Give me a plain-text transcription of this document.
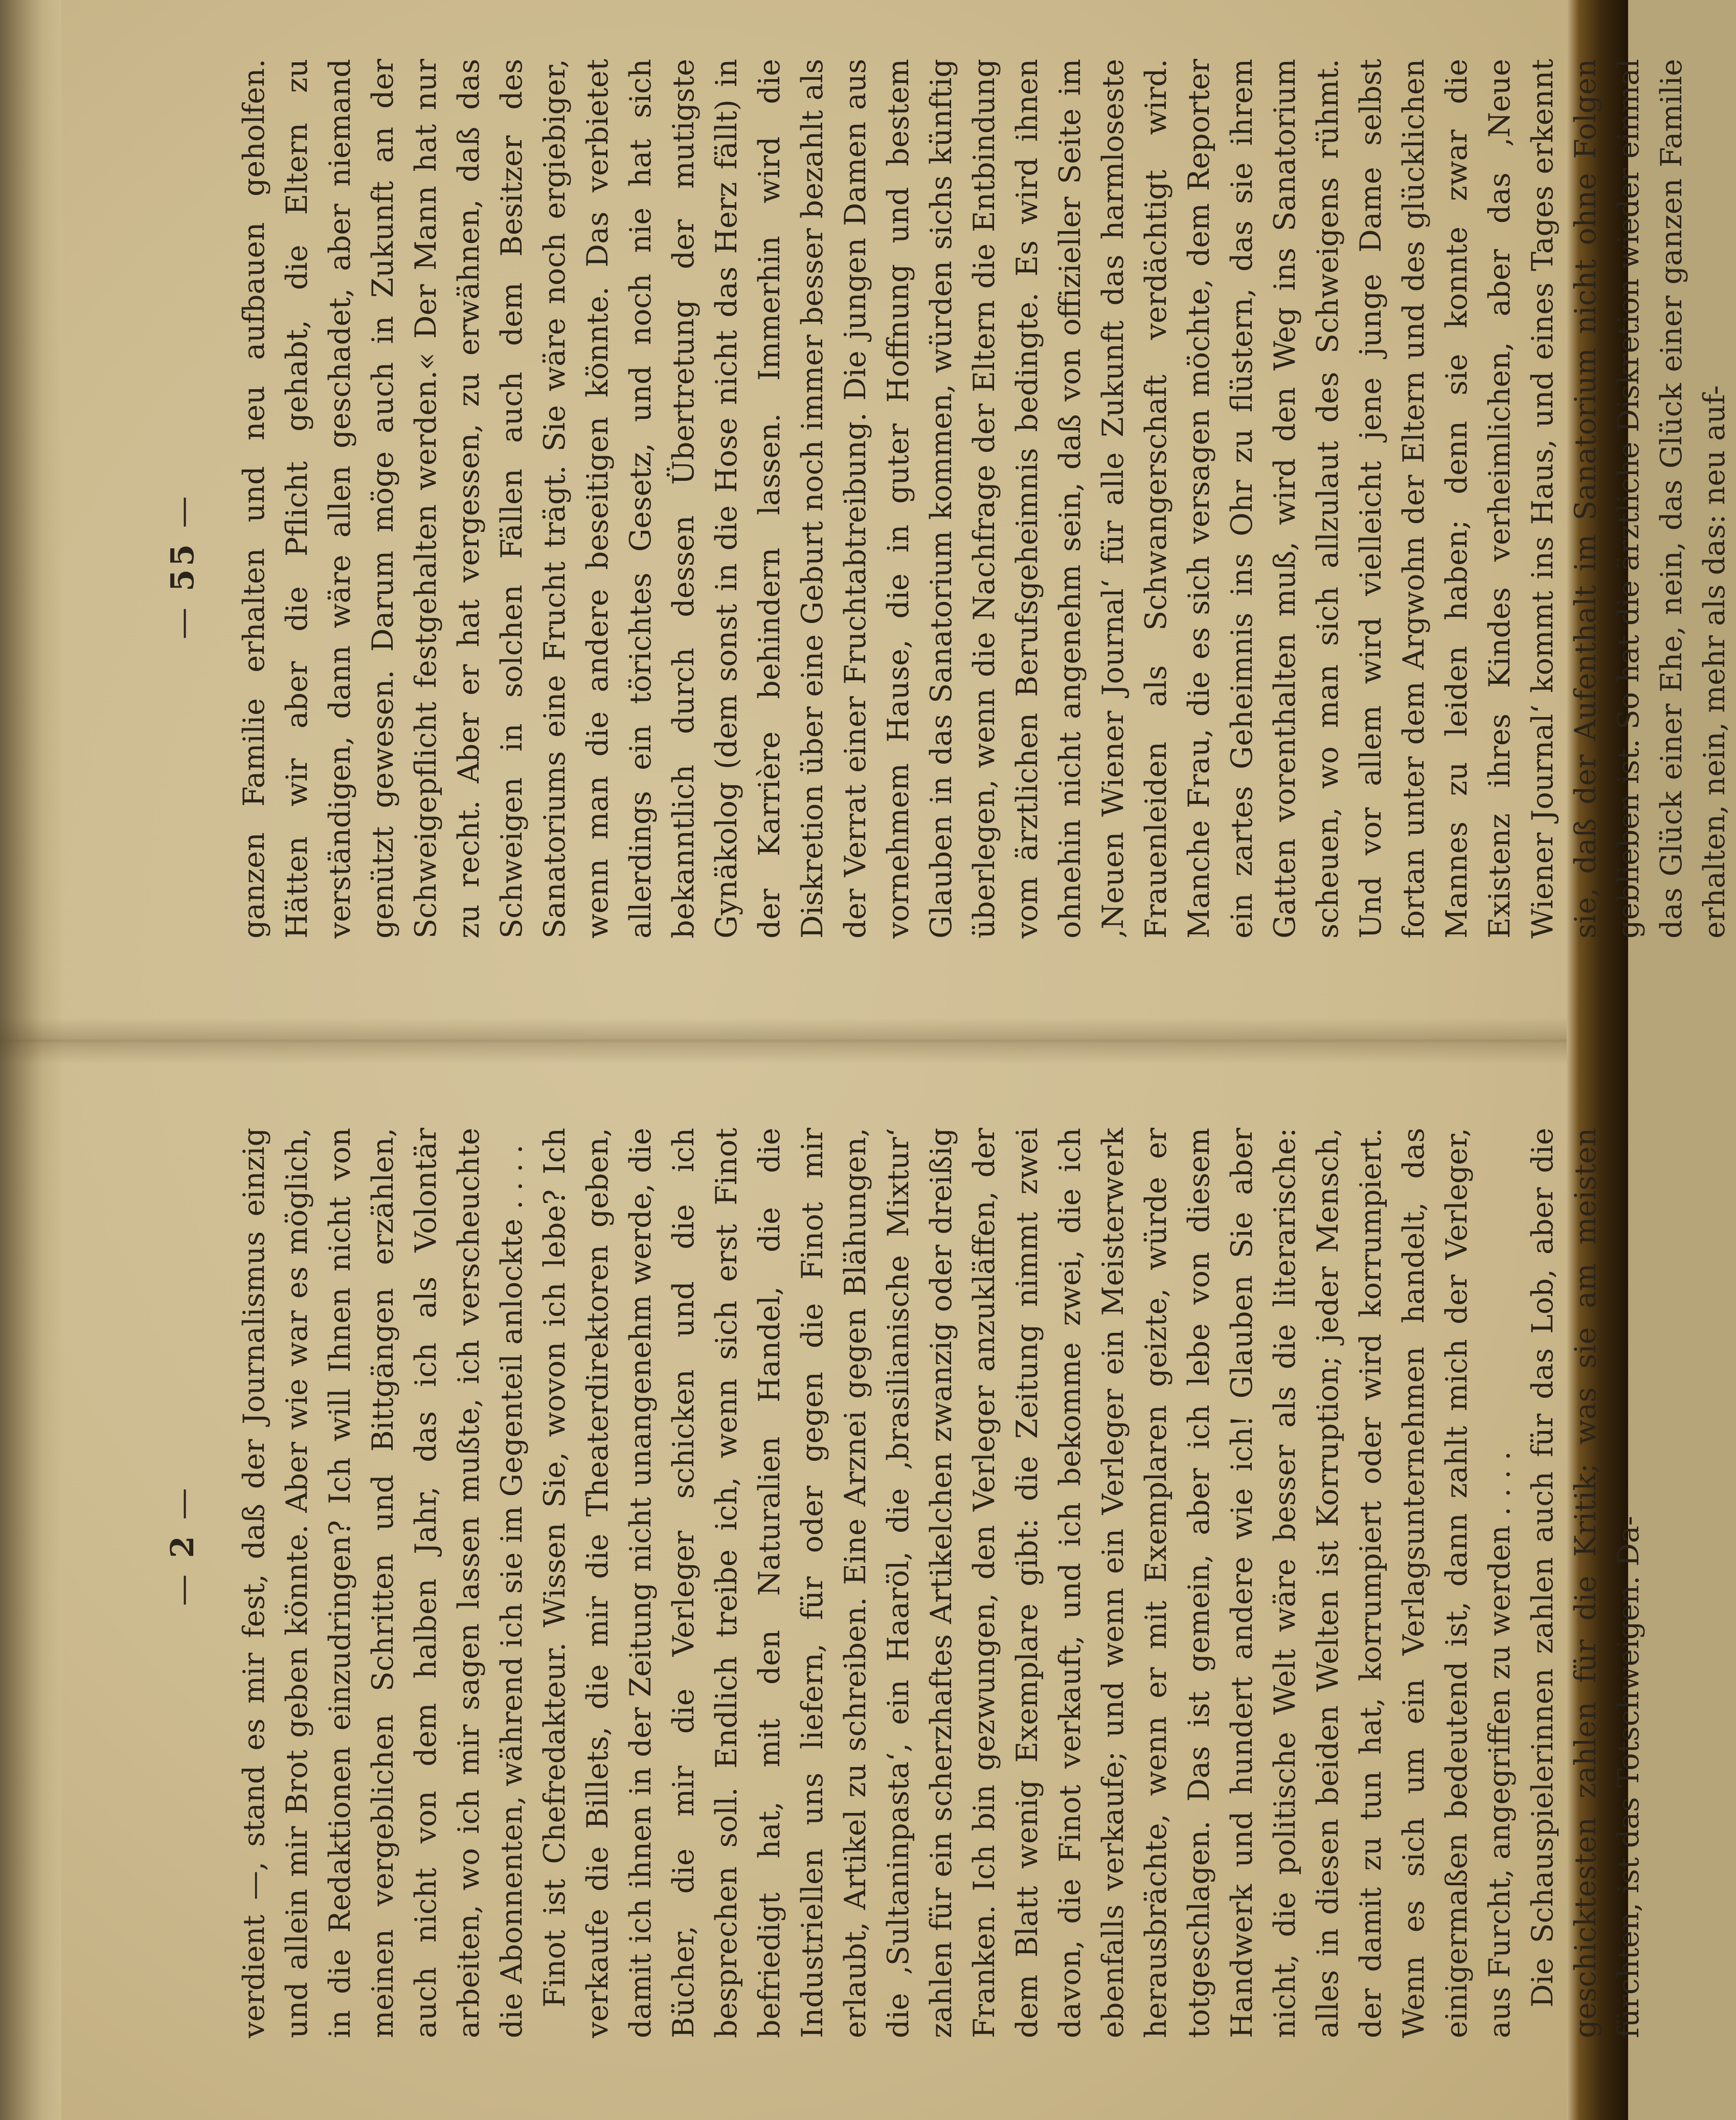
— 2 — verdient —, stand es mir fest, daß der Journalismus einzig und allein mir Brot geben könnte. Aber wie war es möglich, in die Redaktionen einzudringen? Ich will Ihnen nicht von meinen vergeblichen Schritten und Bittgängen erzählen, auch nicht von dem halben Jahr, das ich als Volontär arbeiten, wo ich mir sagen lassen mußte, ich verscheuchte die Abonnenten, während ich sie im Gegenteil anlockte . . . . Finot ist Chefredakteur. Wissen Sie, wovon ich lebe? Ich verkaufe die Billets, die mir die Theaterdirektoren geben, damit ich ihnen in der Zeitung nicht unangenehm werde, die Bücher, die mir die Verleger schicken und die ich besprechen soll. Endlich treibe ich, wenn sich erst Finot befriedigt hat, mit den Naturalien Handel, die die Industriellen uns liefern, für oder gegen die Finot mir erlaubt, Artikel zu schreiben. Eine Arznei gegen Blähungen, die ‚Sultaninpasta‘, ein Haaröl, die ‚brasilianische Mixtur‘ zahlen für ein scherzhaftes Artikelchen zwanzig oder dreißig Franken. Ich bin gezwungen, den Verleger anzukläffen, der dem Blatt wenig Exemplare gibt: die Zeitung nimmt zwei davon, die Finot verkauft, und ich bekomme zwei, die ich ebenfalls verkaufe; und wenn ein Verleger ein Meisterwerk herausbrächte, wenn er mit Exemplaren geizte, würde er totgeschlagen. Das ist gemein, aber ich lebe von diesem Handwerk und hundert andere wie ich! Glauben Sie aber nicht, die politische Welt wäre besser als die literarische: alles in diesen beiden Welten ist Korruption; jeder Mensch, der damit zu tun hat, korrumpiert oder wird korrumpiert. Wenn es sich um ein Verlagsunternehmen handelt, das einigermaßen bedeutend ist, dann zahlt mich der Verleger, aus Furcht, angegriffen zu werden . . . . Die Schauspielerinnen zahlen auch für das Lob, aber die geschicktesten zahlen für die Kritik; was sie am meisten fürchten, ist das Totschweigen. Da-

— 55 — ganzen Familie erhalten und neu aufbauen geholfen. Hätten wir aber die Pflicht gehabt, die Eltern zu verständigen, dann wäre allen geschadet, aber niemand genützt gewesen. Darum möge auch in Zukunft an der Schweigepflicht festgehalten werden.« Der Mann hat nur zu recht. Aber er hat vergessen, zu erwähnen, daß das Schweigen in solchen Fällen auch dem Besitzer des Sanatoriums eine Frucht trägt. Sie wäre noch ergiebiger, wenn man die andere beseitigen könnte. Das verbietet allerdings ein törichtes Gesetz, und noch nie hat sich bekanntlich durch dessen Übertretung der mutigste Gynäkolog (dem sonst in die Hose nicht das Herz fällt) in der Karrière behindern lassen. Immerhin wird die Diskretion über eine Geburt noch immer besser bezahlt als der Verrat einer Fruchtabtreibung. Die jungen Damen aus vornehmem Hause, die in guter Hoffnung und bestem Glauben in das Sanatorium kommen, würden sichs künftig überlegen, wenn die Nachfrage der Eltern die Entbindung vom ärztlichen Berufsgeheimnis bedingte. Es wird ihnen ohnehin nicht angenehm sein, daß von offizieller Seite im ‚Neuen Wiener Journal‘ für alle Zukunft das harmloseste Frauenleiden als Schwangerschaft verdächtigt wird. Manche Frau, die es sich versagen möchte, dem Reporter ein zartes Geheimnis ins Ohr zu flüstern, das sie ihrem Gatten vorenthalten muß, wird den Weg ins Sanatorium scheuen, wo man sich allzulaut des Schweigens rühmt. Und vor allem wird vielleicht jene junge Dame selbst fortan unter dem Argwohn der Eltern und des glücklichen Mannes zu leiden haben; denn sie konnte zwar die Existenz ihres Kindes verheimlichen, aber das ‚Neue Wiener Journal‘ kommt ins Haus, und eines Tages erkennt sie, daß der Aufenthalt im Sanatorium nicht ohne Folgen geblieben ist. So hat die ärztliche Diskretion wieder einmal das Glück einer Ehe, nein, das Glück einer ganzen Familie erhalten, nein, mehr als das: neu auf-
